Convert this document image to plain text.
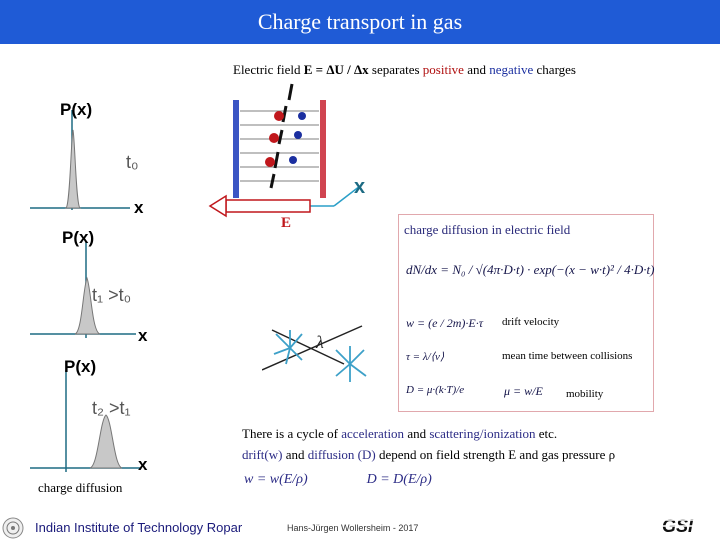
Charge transport in gas
Electric field E = ΔU / Δx separates positive and negative charges
P(x)
x
t₀
P(x)
x
t₁ >t₀
P(x)
x
t₂ >t₁
E
x
λ
charge diffusion in electric field
dN/dx = N₀ / √(4π·D·t) · exp(−(x − w·t)² / 4·D·t)
w = (e / 2m)·E·τ drift velocity
τ = λ/⟨v⟩	mean time between collisions
D = μ·(k·T)/e	μ = w/E mobility
There is a cycle of acceleration and scattering/ionization etc.
drift(w) and diffusion (D) depend on field strength E and gas pressure ρ
w = w(E/ρ)	D = D(E/ρ)
charge diffusion
Indian Institute of Technology Ropar	Hans-Jürgen Wollersheim - 2017	GSI
